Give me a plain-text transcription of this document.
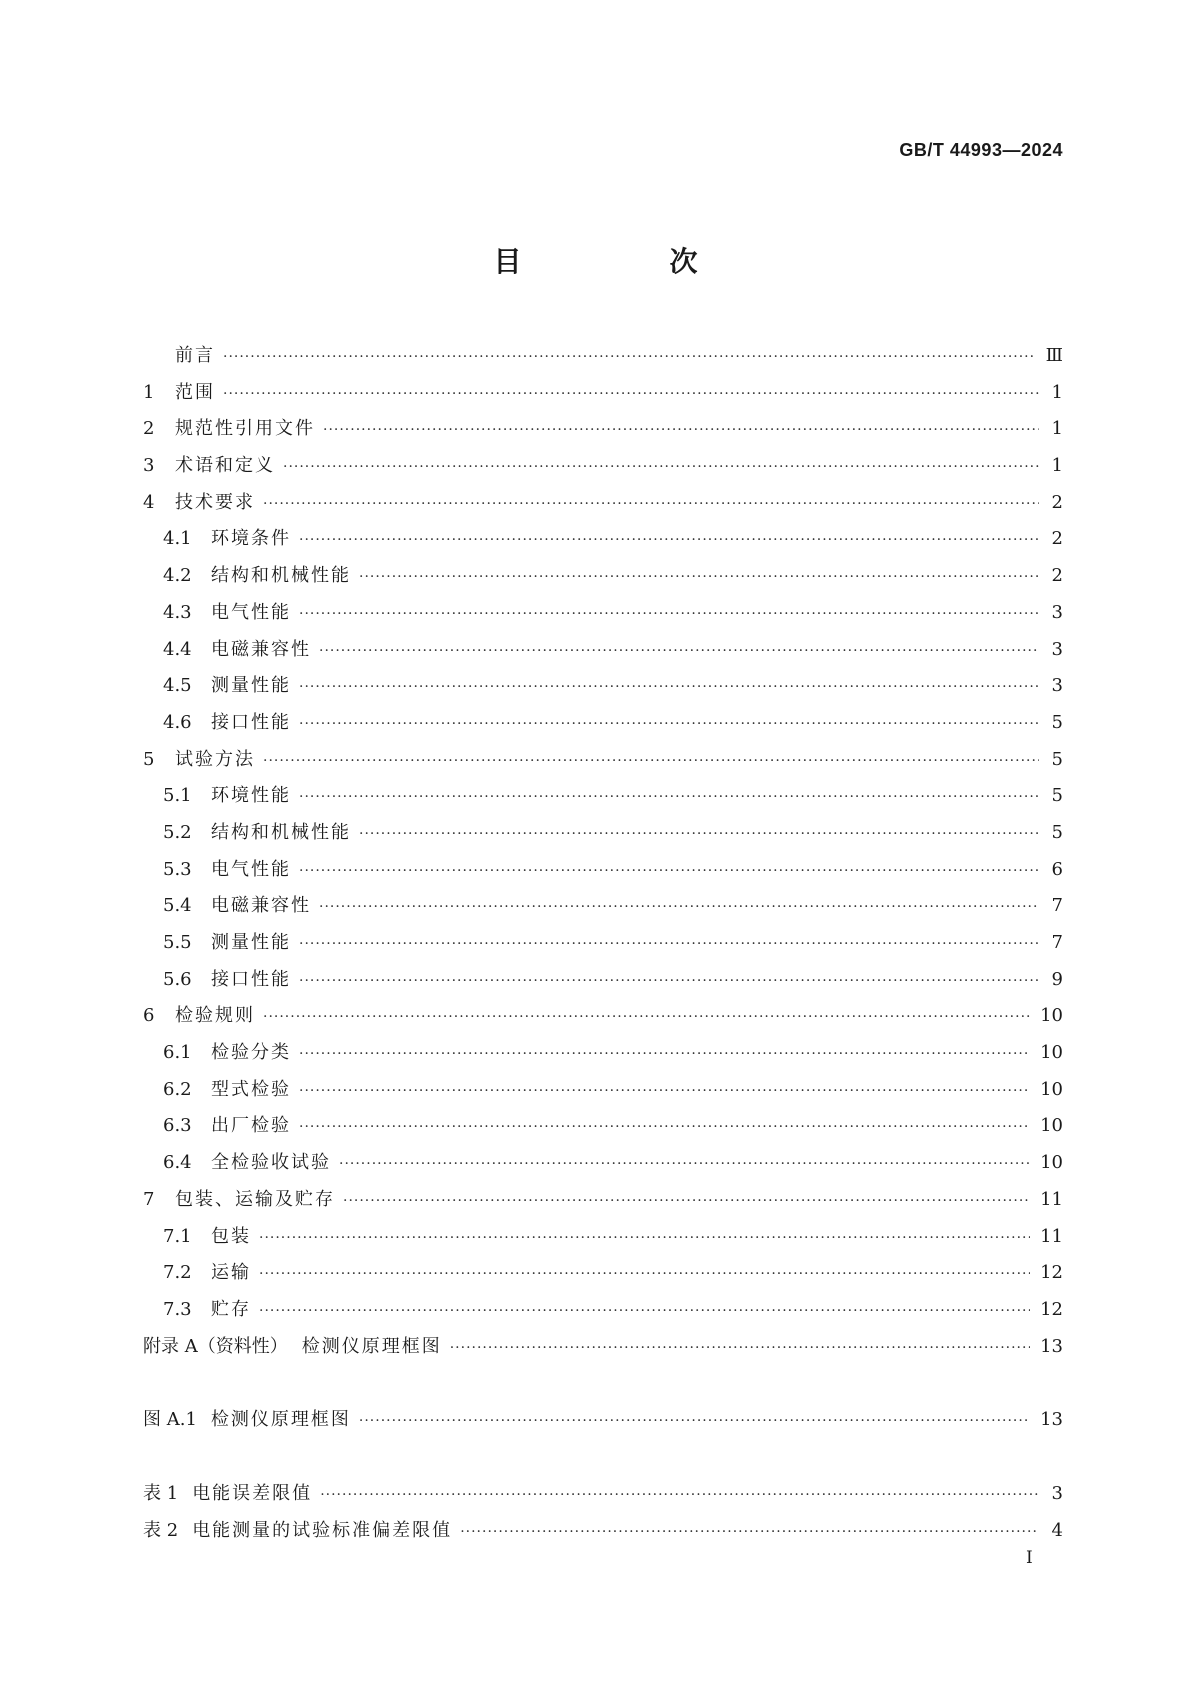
GB/T 44993—2024
目　次
前言 ·····	Ⅲ
1	范围 ·····	1
2	规范性引用文件 ·····	1
3	术语和定义 ·····	1
4	技术要求 ·····	2
4.1	环境条件 ·····	2
4.2	结构和机械性能 ·····	2
4.3	电气性能 ·····	3
4.4	电磁兼容性 ·····	3
4.5	测量性能 ·····	3
4.6	接口性能 ·····	5
5	试验方法 ·····	5
5.1	环境性能 ·····	5
5.2	结构和机械性能 ·····	5
5.3	电气性能 ·····	6
5.4	电磁兼容性 ·····	7
5.5	测量性能 ·····	7
5.6	接口性能 ·····	9
6	检验规则 ·····	10
6.1	检验分类 ·····	10
6.2	型式检验 ·····	10
6.3	出厂检验 ·····	10
6.4	全检验收试验 ·····	10
7	包装、运输及贮存 ·····	11
7.1	包装 ·····	11
7.2	运输 ·····	12
7.3	贮存 ·····	12
附录 A（资料性） 检测仪原理框图 ·····	13
图 A.1 检测仪原理框图 ·····	13
表 1 电能误差限值 ·····	3
表 2 电能测量的试验标准偏差限值 ·····	4
I
